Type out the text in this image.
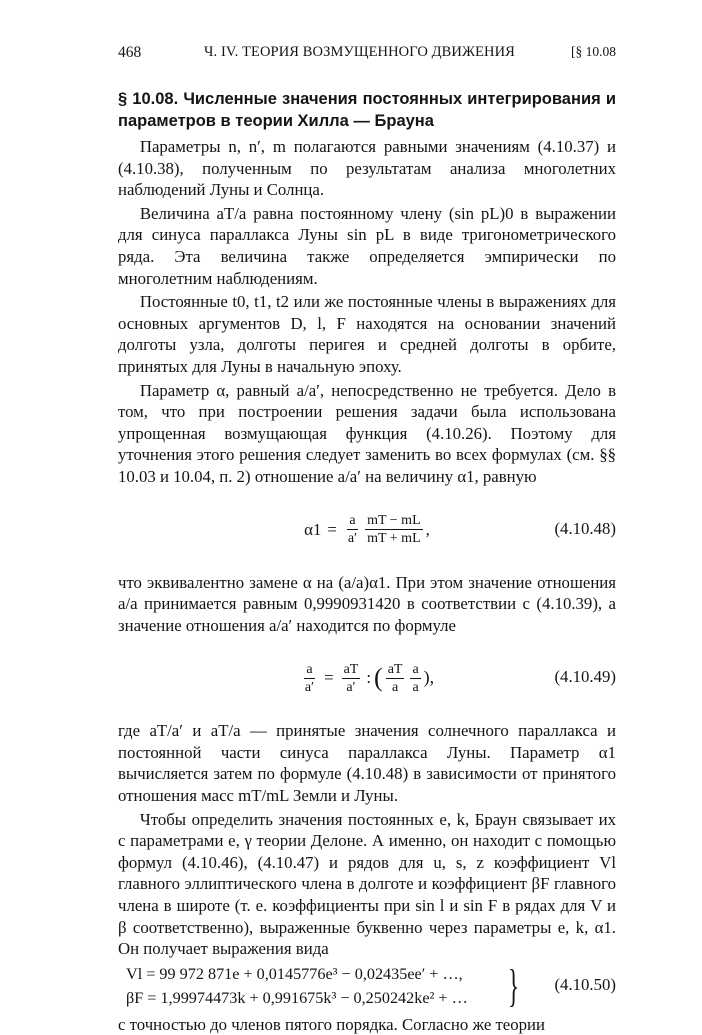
468	Ч. IV. ТЕОРИЯ ВОЗМУЩЕННОГО ДВИЖЕНИЯ	[§ 10.08
§ 10.08. Численные значения постоянных интегрирования и параметров в теории Хилла — Брауна

Параметры n, n′, m полагаются равными значениям (4.10.37) и (4.10.38), полученным по результатам анализа многолетних наблюдений Луны и Солнца.

Величина aT/a равна постоянному члену (sin pL)0 в выражении для синуса параллакса Луны sin pL в виде тригонометрического ряда. Эта величина также определяется эмпирически по многолетним наблюдениям.

Постоянные t0, t1, t2 или же постоянные члены в выражениях для основных аргументов D, l, F находятся на основании значений долготы узла, долготы перигея и средней долготы в орбите, принятых для Луны в начальную эпоху.

Параметр α, равный a/a′, непосредственно не требуется. Дело в том, что при построении решения задачи была использована упрощенная возмущающая функция (4.10.26). Поэтому для уточнения этого решения следует заменить во всех формулах (см. §§ 10.03 и 10.04, п. 2) отношение a/a′ на величину α1, равную

$\alpha 1 = \frac{a}{a'} \frac{mT - mL}{mT + mL}$ ,	(4.10.48)

что эквивалентно замене α на (a/a)α1. При этом значение отношения a/a принимается равным 0,9990931420 в соответствии с (4.10.39), а значение отношения a/a′ находится по формуле

$\frac{a}{a'} = \frac{aT}{a'}$ : ( $\frac{aT}{a} \frac{a}{a}$ ),	(4.10.49)

где aT/a′ и aT/a — принятые значения солнечного параллакса и постоянной части синуса параллакса Луны. Параметр α1 вычисляется затем по формуле (4.10.48) в зависимости от принятого отношения масс mT/mL Земли и Луны.

Чтобы определить значения постоянных e, k, Браун связывает их с параметрами e, γ теории Делоне. А именно, он находит с помощью формул (4.10.46), (4.10.47) и рядов для u, s, z коэффициент Vl главного эллиптического члена в долготе и коэффициент βF главного члена в широте (т. е. коэффициенты при sin l и sin F в рядах для V и β соответственно), выраженные буквенно через параметры e, k, α1. Он получает выражения вида

Vl = 99 972 871e + 0,0145776e³ − 0,02435ee′ + …,
βF = 1,99974473k + 0,991675k³ − 0,250242ke² + … } (4.10.50)

с точностью до членов пятого порядка. Согласно же теории
